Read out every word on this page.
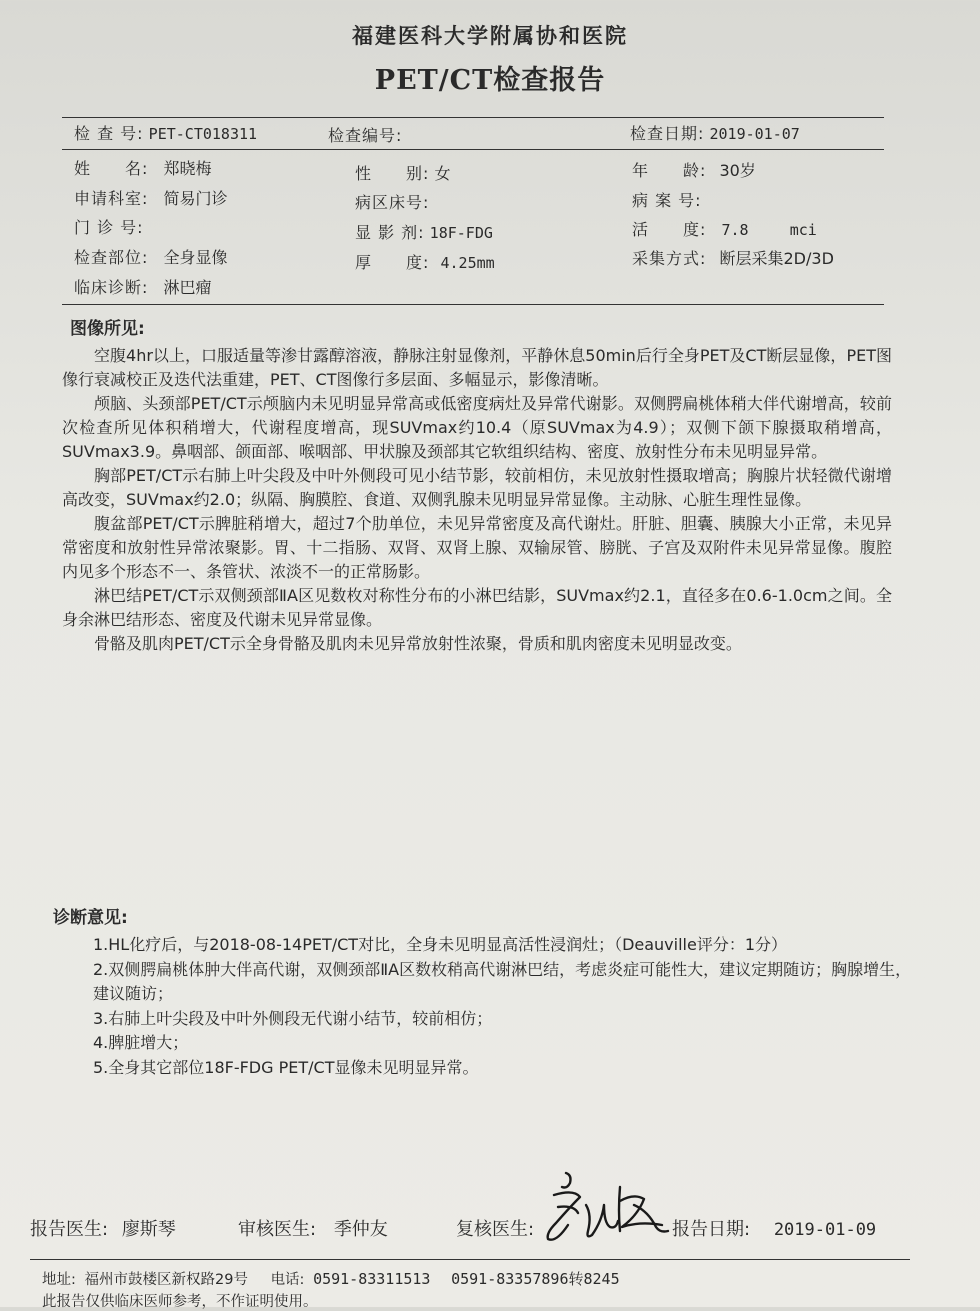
福建医科大学附属协和医院
PET/CT检查报告
检 查 号: PET-CT018311	检查编号:	检查日期: 2019-01-07
姓　　名: 郑晓梅	性　　别: 女	年　　龄: 30岁
申请科室: 简易门诊	病区床号:	病 案 号:
门 诊 号:	显 影 剂: 18F-FDG	活　　度: 7.8	mci
检查部位: 全身显像	厚　　度: 4.25mm	采集方式: 断层采集2D/3D
临床诊断: 淋巴瘤
图像所见:

空腹4hr以上，口服适量等渗甘露醇溶液，静脉注射显像剂，平静休息50min后行全身PET及CT断层显像，PET图像行衰减校正及迭代法重建，PET、CT图像行多层面、多幅显示，影像清晰。

颅脑、头颈部PET/CT示颅脑内未见明显异常高或低密度病灶及异常代谢影。双侧腭扁桃体稍大伴代谢增高，较前次检查所见体积稍增大，代谢程度增高，现SUVmax约10.4（原SUVmax为4.9）；双侧下颌下腺摄取稍增高，SUVmax3.9。鼻咽部、颌面部、喉咽部、甲状腺及颈部其它软组织结构、密度、放射性分布未见明显异常。

胸部PET/CT示右肺上叶尖段及中叶外侧段可见小结节影，较前相仿，未见放射性摄取增高；胸腺片状轻微代谢增高改变，SUVmax约2.0；纵隔、胸膜腔、食道、双侧乳腺未见明显异常显像。主动脉、心脏生理性显像。

腹盆部PET/CT示脾脏稍增大，超过7个肋单位，未见异常密度及高代谢灶。肝脏、胆囊、胰腺大小正常，未见异常密度和放射性异常浓聚影。胃、十二指肠、双肾、双肾上腺、双输尿管、膀胱、子宫及双附件未见异常显像。腹腔内见多个形态不一、条管状、浓淡不一的正常肠影。

淋巴结PET/CT示双侧颈部ⅡA区见数枚对称性分布的小淋巴结影，SUVmax约2.1，直径多在0.6-1.0cm之间。全身余淋巴结形态、密度及代谢未见异常显像。

骨骼及肌肉PET/CT示全身骨骼及肌肉未见异常放射性浓聚，骨质和肌肉密度未见明显改变。

诊断意见:
1.HL化疗后，与2018-08-14PET/CT对比，全身未见明显高活性浸润灶；（Deauville评分：1分）
2.双侧腭扁桃体肿大伴高代谢，双侧颈部ⅡA区数枚稍高代谢淋巴结，考虑炎症可能性大，建议定期随访；胸腺增生，建议随访；
3.右肺上叶尖段及中叶外侧段无代谢小结节，较前相仿；
4.脾脏增大；
5.全身其它部位18F-FDG PET/CT显像未见明显异常。
报告医生: 廖斯琴	审核医生: 季仲友	复核医生:	报告日期: 2019-01-09
地址: 福州市鼓楼区新权路29号 电话: 0591-83311513 0591-83357896转8245
此报告仅供临床医师参考，不作证明使用。
